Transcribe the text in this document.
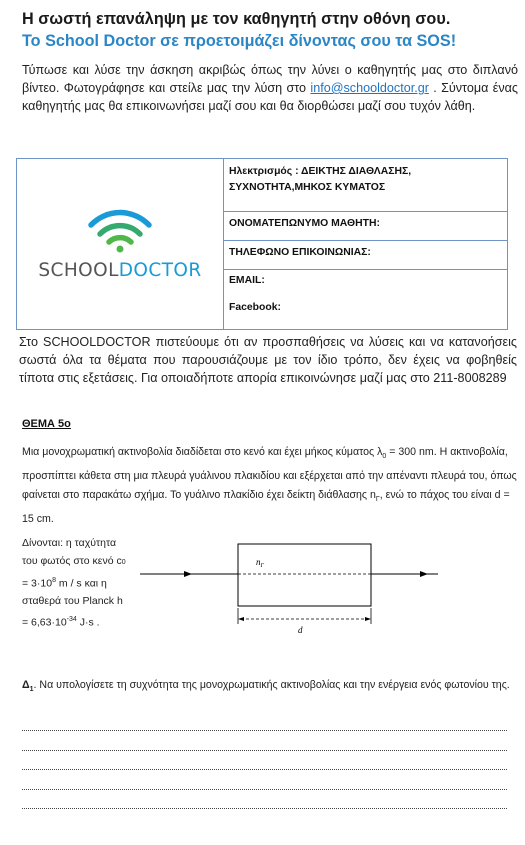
Η σωστή επανάληψη με τον καθηγητή στην οθόνη σου.
Το School Doctor σε προετοιμάζει δίνοντας σου τα SOS!
Τύπωσε και λύσε την άσκηση ακριβώς όπως την λύνει ο καθηγητής μας στο διπλανό βίντεο. Φωτογράφησε και στείλε μας την λύση στο info@schooldoctor.gr . Σύντομα ένας καθηγητής μας θα επικοινωνήσει μαζί σου και θα διορθώσει μαζί σου τυχόν λάθη.
SCHOOLDOCTOR
	Ηλεκτρισμός : ΔΕΙΚΤΗΣ ΔΙΑΘΛΑΣΗΣ, ΣΥΧΝΟΤΗΤΑ,ΜΗΚΟΣ ΚΥΜΑΤΟΣ
ΟΝΟΜΑΤΕΠΩΝΥΜΟ ΜΑΘΗΤΗ:
ΤΗΛΕΦΩΝΟ ΕΠΙΚΟΙΝΩΝΙΑΣ:
EMAIL:
Facebook:
Στο SCHOOLDOCTOR πιστεύουμε ότι αν προσπαθήσεις να λύσεις και να κατανοήσεις σωστά όλα τα θέματα που παρουσιάζουμε με τον ίδιο τρόπο, δεν έχεις να φοβηθείς τίποτα στις εξετάσεις. Για οποιαδήποτε απορία επικοινώνησε μαζί μας στο 211-8008289
ΘΕΜΑ 5ο
Μια μονοχρωματική ακτινοβολία διαδίδεται στο κενό και έχει μήκος κύματος $\lambda_0 = 300$ nm. Η ακτινοβολία, προσπίπτει κάθετα στη μια πλευρά γυάλινου πλακιδίου και εξέρχεται από την απέναντι πλευρά του, όπως φαίνεται στο παρακάτω σχήμα. Το γυάλινο πλακίδιο έχει δείκτη διάθλασης $n_\Gamma$, ενώ το πάχος του είναι d = 15 cm.
Δίνονται: η ταχύτητα του φωτός στο κενό $c0 = 3\cdot 10^8$ m / s και η σταθερά του Planck $h = 6,63\cdot 10^{-34}$ J·s .
$n_\Gamma$
d
$\Delta_1$. Να υπολογίσετε τη συχνότητα της μονοχρωματικής ακτινοβολίας και την ενέργεια ενός φωτονίου της.
